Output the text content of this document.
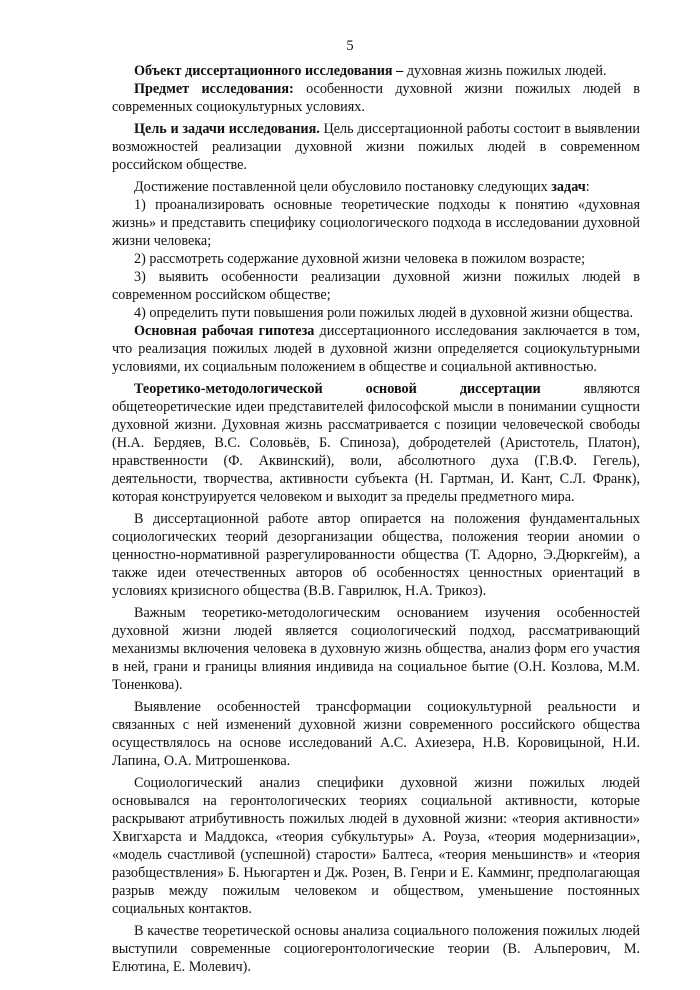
5

Объект диссертационного исследования – духовная жизнь пожилых людей.

Предмет исследования: особенности духовной жизни пожилых людей в современных социокультурных условиях.

Цель и задачи исследования. Цель диссертационной работы состоит в выявлении возможностей реализации духовной жизни пожилых людей в современном российском обществе.

Достижение поставленной цели обусловило постановку следующих задач:

1) проанализировать основные теоретические подходы к понятию «духовная жизнь» и представить специфику социологического подхода в исследовании духовной жизни человека;

2) рассмотреть содержание духовной жизни человека в пожилом возрасте;

3) выявить особенности реализации духовной жизни пожилых людей в современном российском обществе;

4) определить пути повышения роли пожилых людей в духовной жизни общества.

Основная рабочая гипотеза диссертационного исследования заключается в том, что реализация пожилых людей в духовной жизни определяется социокультурными условиями, их социальным положением в обществе и социальной активностью.

Теоретико-методологической основой диссертации являются общетеоретические идеи представителей философской мысли в понимании сущности духовной жизни. Духовная жизнь рассматривается с позиции человеческой свободы (Н.А. Бердяев, В.С. Соловьёв, Б. Спиноза), добродетелей (Аристотель, Платон), нравственности (Ф. Аквинский), воли, абсолютного духа (Г.В.Ф. Гегель), деятельности, творчества, активности субъекта (Н. Гартман, И. Кант, С.Л. Франк), которая конструируется человеком и выходит за пределы предметного мира.

В диссертационной работе автор опирается на положения фундаментальных социологических теорий дезорганизации общества, положения теории аномии о ценностно-нормативной разрегулированности общества (Т. Адорно, Э.Дюркгейм), а также идеи отечественных авторов об особенностях ценностных ориентаций в условиях кризисного общества (В.В. Гаврилюк, Н.А. Трикоз).

Важным теоретико-методологическим основанием изучения особенностей духовной жизни людей является социологический подход, рассматривающий механизмы включения человека в духовную жизнь общества, анализ форм его участия в ней, грани и границы влияния индивида на социальное бытие (О.Н. Козлова, М.М. Тоненкова).

Выявление особенностей трансформации социокультурной реальности и связанных с ней изменений духовной жизни современного российского общества осуществлялось на основе исследований А.С. Ахиезера, Н.В. Коровицыной, Н.И. Лапина, О.А. Митрошенкова.

Социологический анализ специфики духовной жизни пожилых людей основывался на геронтологических теориях социальной активности, которые раскрывают атрибутивность пожилых людей в духовной жизни: «теория активности» Хвигхарста и Маддокса, «теория субкультуры» А. Роуза, «теория модернизации», «модель счастливой (успешной) старости» Балтеса, «теория меньшинств» и «теория разобществления» Б. Ньюгартен и Дж. Розен, В. Генри и Е. Камминг, предполагающая разрыв между пожилым человеком и обществом, уменьшение постоянных социальных контактов.

В качестве теоретической основы анализа социального положения пожилых людей выступили современные социогеронтологические теории (В. Альперович, М. Елютина, Е. Молевич).
